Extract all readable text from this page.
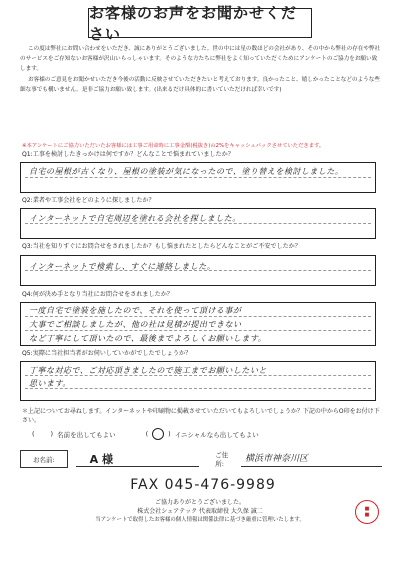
お客様のお声をお聞かせください

この度は弊社にお問い合わせをいただき、誠にありがとうございました。世の中には星の数ほどの会社があり、その中から弊社の存在や弊社のサービスをご存知ないお客様が沢山いらっしゃいます。そのような方たちに弊社をよく知っていただくためにアンケートのご協力をお願い致します。

お客様のご意見をお聞かせいただき今後の活動に反映させていただきたいと考えております。良かったこと、嬉しかったことなどのような些細な事でも構いません。是非ご協力お願い致します。(出来るだけ具体的に書いていただければ幸いです)

※本アンケートにご協力いただいたお客様には工事ご用命時に工事金額(税抜き)の2%をキャッシュバックさせていただきます。
Q1:工事を検討したきっかけは何ですか？どんなことで悩まれていましたか？
自宅の屋根が古くなり、屋根の塗装が気になったので、塗り替えを検討しました。
Q2:業者や工事会社をどのように探しましたか？
インターネットで自宅周辺を塗れる会社を探しました。
Q3:当社を知りすぐにお問合せをされましたか？もし悩まれたとしたらどんなことがご不安でしたか？
インターネットで検索し、すぐに連絡しました。
Q4:何が決め手となり当社にお問合せをされましたか？
一度自宅で塗装を施したので、それを使って頂ける事が
大事でご相談しましたが、他の社は見積が提出できない
など丁寧にして頂いたので、最後までよろしくお願いします。
Q5:実際に当社担当者がお伺いしていかがでしたでしょうか？
丁寧な対応で、ご対応頂きましたので施工までお願いしたいと
思います。
＊上記についてお尋ねします。インターネットや印刷物に掲載させていただいてもよろしいでしょうか？下記の中からO印をお付け下さい。
( ) 名前を出してもよい	( ○ ) イニシャルなら出してもよい
お名前:	A 様	ご住所:	横浜市神奈川区
FAX 045-476-9989
ご協力ありがとうございました。
株式会社シェアテック 代表取締役 大久保 誠二
当アンケートで取得したお客様の個人情報は関係法律に基づき厳重に管理いたします。
■
■
